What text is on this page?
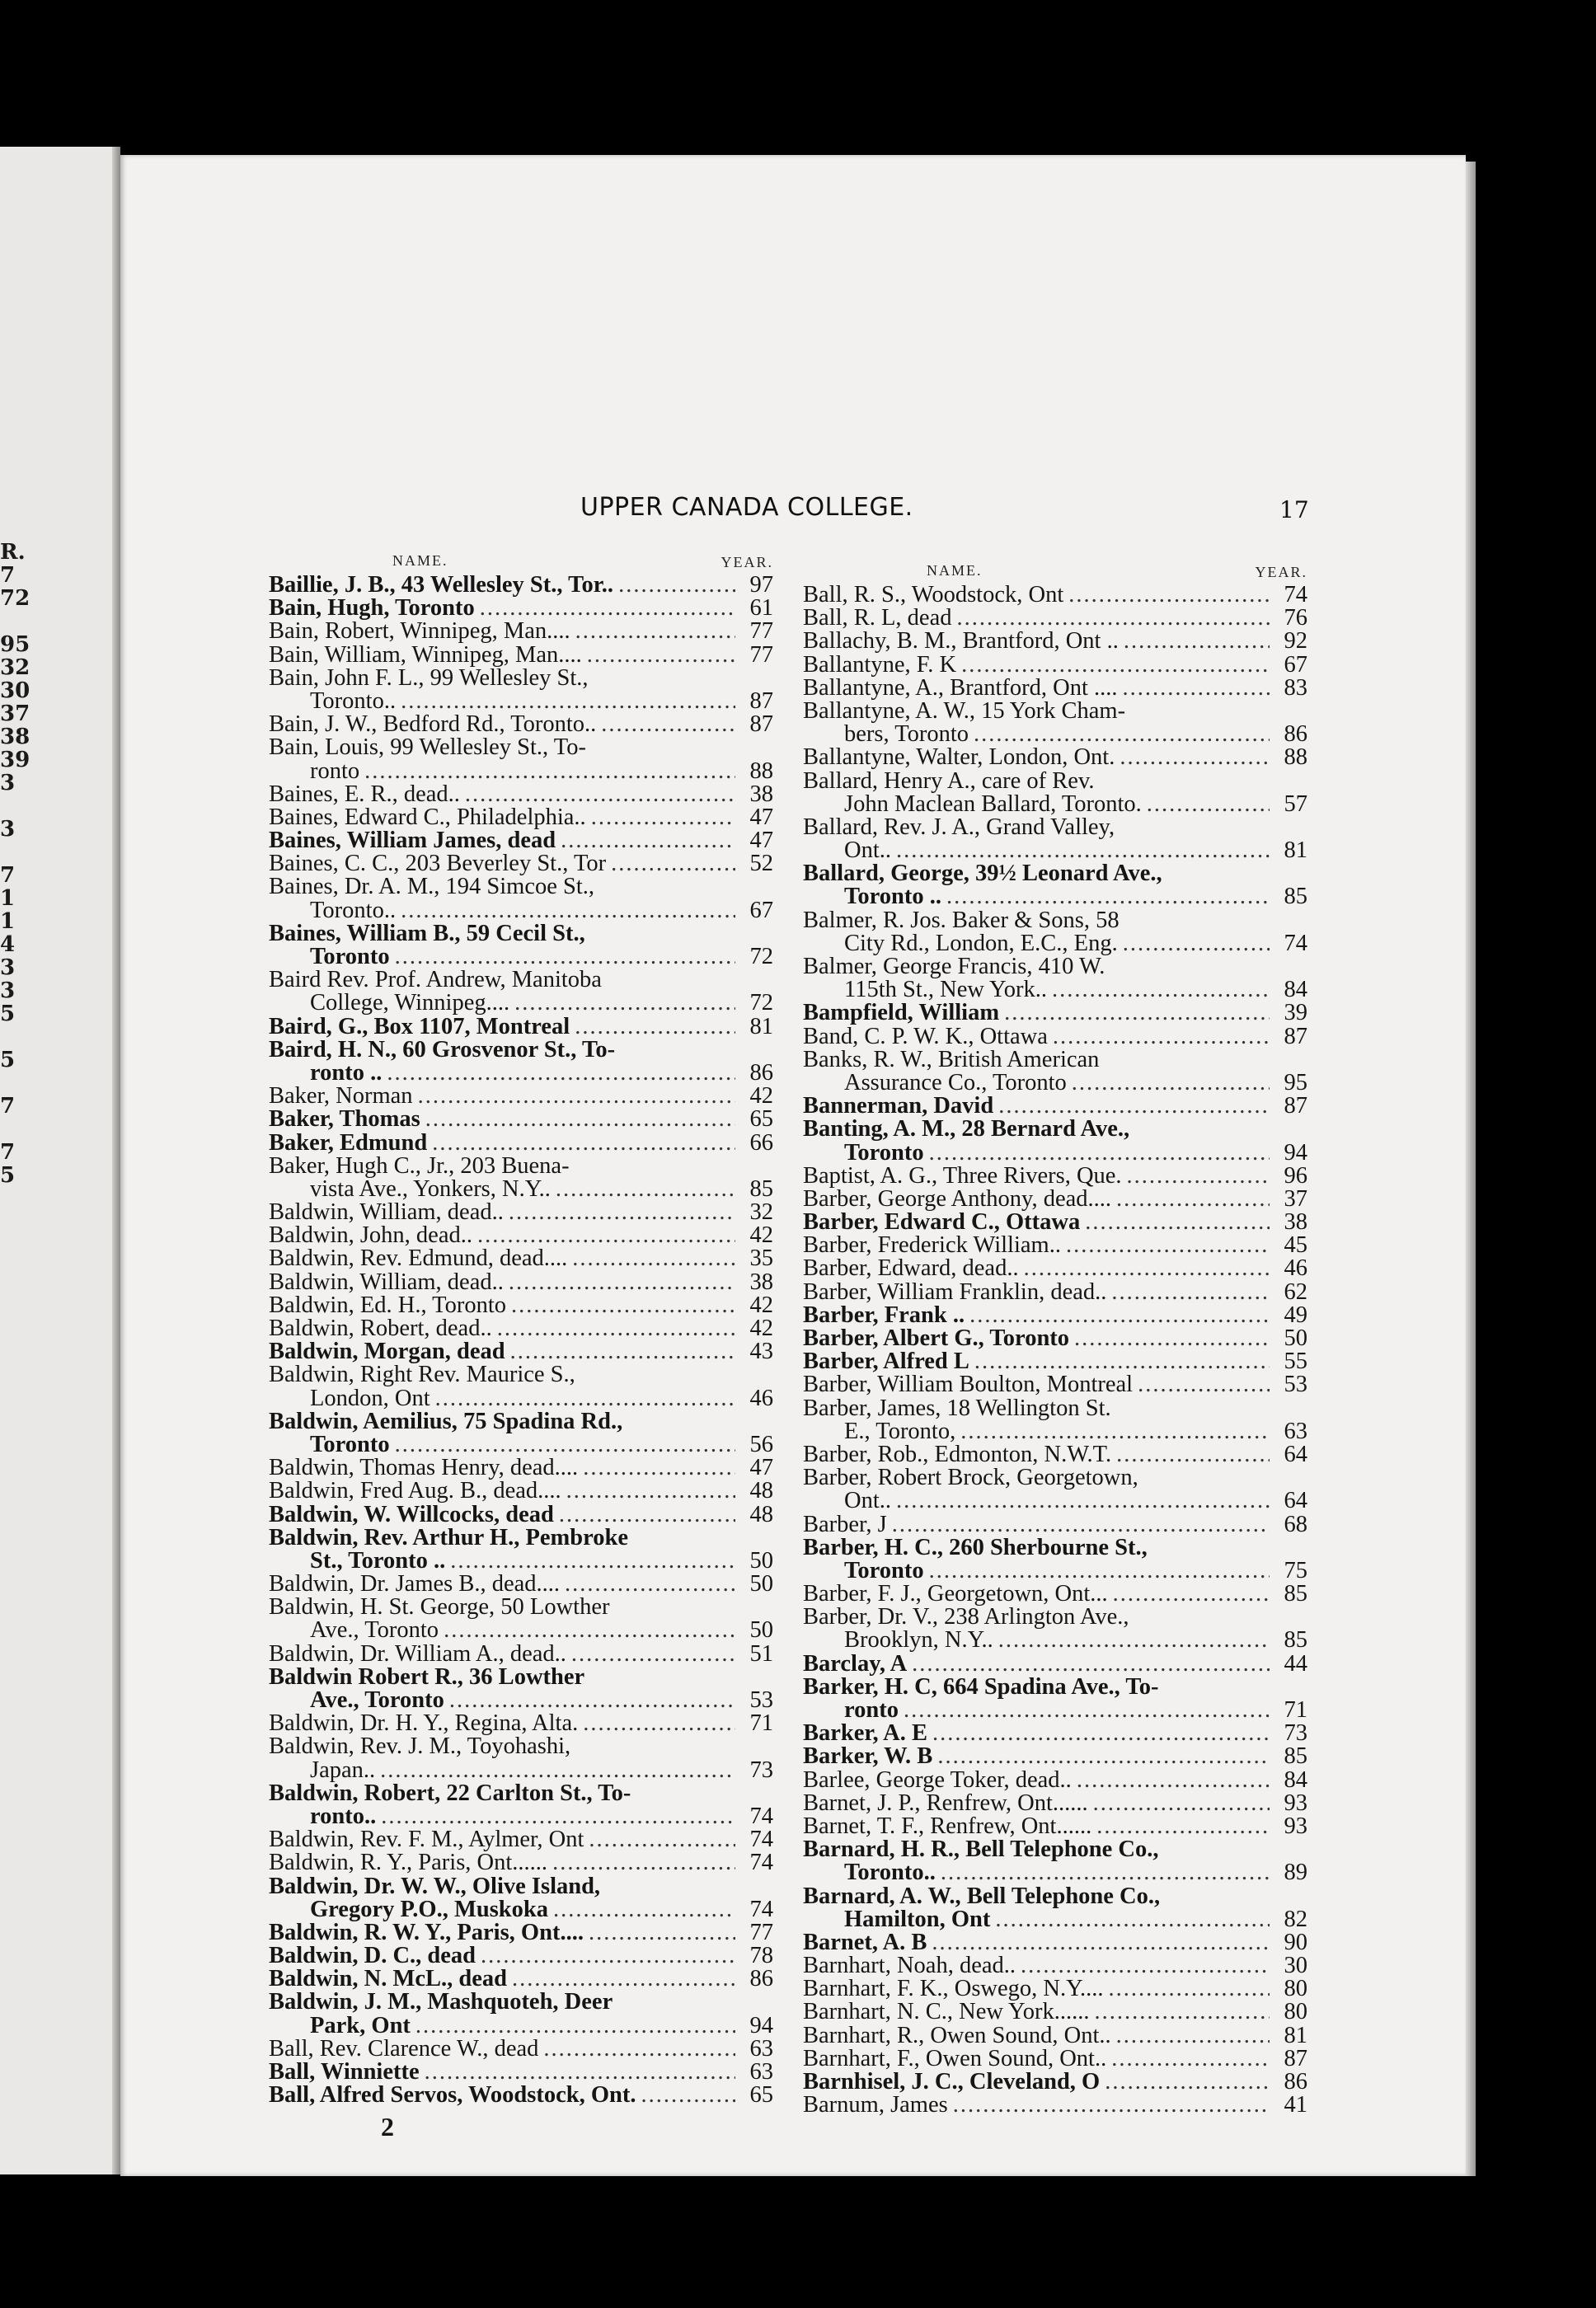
R.
7
72
95
32
30
37
38
39
3
3
7
1
1
4
3
3
5
5
7
7
5
UPPER CANADA COLLEGE.	17
NAME.	YEAR.
Baillie, J. B., 43 Wellesley St., Tor.. .....	97
Bain, Hugh, Toronto .....	61
Bain, Robert, Winnipeg, Man.... .....	77
Bain, William, Winnipeg, Man.... .....	77
Bain, John F. L., 99 Wellesley St.,
Toronto.. .....	87
Bain, J. W., Bedford Rd., Toronto.. .....	87
Bain, Louis, 99 Wellesley St., To-
ronto .....	88
Baines, E. R., dead.. .....	38
Baines, Edward C., Philadelphia.. .....	47
Baines, William James, dead .....	47
Baines, C. C., 203 Beverley St., Tor .....	52
Baines, Dr. A. M., 194 Simcoe St.,
Toronto.. .....	67
Baines, William B., 59 Cecil St.,
Toronto .....	72
Baird Rev. Prof. Andrew, Manitoba
College, Winnipeg.... .....	72
Baird, G., Box 1107, Montreal .....	81
Baird, H. N., 60 Grosvenor St., To-
ronto .. .....	86
Baker, Norman .....	42
Baker, Thomas .....	65
Baker, Edmund .....	66
Baker, Hugh C., Jr., 203 Buena-
vista Ave., Yonkers, N.Y.. .....	85
Baldwin, William, dead.. .....	32
Baldwin, John, dead.. .....	42
Baldwin, Rev. Edmund, dead.... .....	35
Baldwin, William, dead.. .....	38
Baldwin, Ed. H., Toronto .....	42
Baldwin, Robert, dead.. .....	42
Baldwin, Morgan, dead .....	43
Baldwin, Right Rev. Maurice S.,
London, Ont .....	46
Baldwin, Aemilius, 75 Spadina Rd.,
Toronto .....	56
Baldwin, Thomas Henry, dead.... .....	47
Baldwin, Fred Aug. B., dead.... .....	48
Baldwin, W. Willcocks, dead .....	48
Baldwin, Rev. Arthur H., Pembroke
St., Toronto .. .....	50
Baldwin, Dr. James B., dead.... .....	50
Baldwin, H. St. George, 50 Lowther
Ave., Toronto .....	50
Baldwin, Dr. William A., dead.. .....	51
Baldwin Robert R., 36 Lowther
Ave., Toronto .....	53
Baldwin, Dr. H. Y., Regina, Alta. .....	71
Baldwin, Rev. J. M., Toyohashi,
Japan.. .....	73
Baldwin, Robert, 22 Carlton St., To-
ronto.. .....	74
Baldwin, Rev. F. M., Aylmer, Ont .....	74
Baldwin, R. Y., Paris, Ont...... .....	74
Baldwin, Dr. W. W., Olive Island,
Gregory P.O., Muskoka .....	74
Baldwin, R. W. Y., Paris, Ont.... .....	77
Baldwin, D. C., dead .....	78
Baldwin, N. McL., dead .....	86
Baldwin, J. M., Mashquoteh, Deer
Park, Ont .....	94
Ball, Rev. Clarence W., dead .....	63
Ball, Winniette .....	63
Ball, Alfred Servos, Woodstock, Ont. .....	65
NAME.	YEAR.
Ball, R. S., Woodstock, Ont .....	74
Ball, R. L, dead .....	76
Ballachy, B. M., Brantford, Ont .. .....	92
Ballantyne, F. K .....	67
Ballantyne, A., Brantford, Ont .... .....	83
Ballantyne, A. W., 15 York Cham-
bers, Toronto .....	86
Ballantyne, Walter, London, Ont. .....	88
Ballard, Henry A., care of Rev.
John Maclean Ballard, Toronto. .....	57
Ballard, Rev. J. A., Grand Valley,
Ont.. .....	81
Ballard, George, 39½ Leonard Ave.,
Toronto .. .....	85
Balmer, R. Jos. Baker & Sons, 58
City Rd., London, E.C., Eng. .....	74
Balmer, George Francis, 410 W.
115th St., New York.. .....	84
Bampfield, William .....	39
Band, C. P. W. K., Ottawa .....	87
Banks, R. W., British American
Assurance Co., Toronto .....	95
Bannerman, David .....	87
Banting, A. M., 28 Bernard Ave.,
Toronto .....	94
Baptist, A. G., Three Rivers, Que. .....	96
Barber, George Anthony, dead.... .....	37
Barber, Edward C., Ottawa .....	38
Barber, Frederick William.. .....	45
Barber, Edward, dead.. .....	46
Barber, William Franklin, dead.. .....	62
Barber, Frank .. .....	49
Barber, Albert G., Toronto .....	50
Barber, Alfred L .....	55
Barber, William Boulton, Montreal .....	53
Barber, James, 18 Wellington St.
E., Toronto, .....	63
Barber, Rob., Edmonton, N.W.T. .....	64
Barber, Robert Brock, Georgetown,
Ont.. .....	64
Barber, J .....	68
Barber, H. C., 260 Sherbourne St.,
Toronto .....	75
Barber, F. J., Georgetown, Ont... .....	85
Barber, Dr. V., 238 Arlington Ave.,
Brooklyn, N.Y.. .....	85
Barclay, A .....	44
Barker, H. C, 664 Spadina Ave., To-
ronto .....	71
Barker, A. E .....	73
Barker, W. B .....	85
Barlee, George Toker, dead.. .....	84
Barnet, J. P., Renfrew, Ont...... .....	93
Barnet, T. F., Renfrew, Ont...... .....	93
Barnard, H. R., Bell Telephone Co.,
Toronto.. .....	89
Barnard, A. W., Bell Telephone Co.,
Hamilton, Ont .....	82
Barnet, A. B .....	90
Barnhart, Noah, dead.. .....	30
Barnhart, F. K., Oswego, N.Y.... .....	80
Barnhart, N. C., New York...... .....	80
Barnhart, R., Owen Sound, Ont.. .....	81
Barnhart, F., Owen Sound, Ont.. .....	87
Barnhisel, J. C., Cleveland, O .....	86
Barnum, James .....	41
2
